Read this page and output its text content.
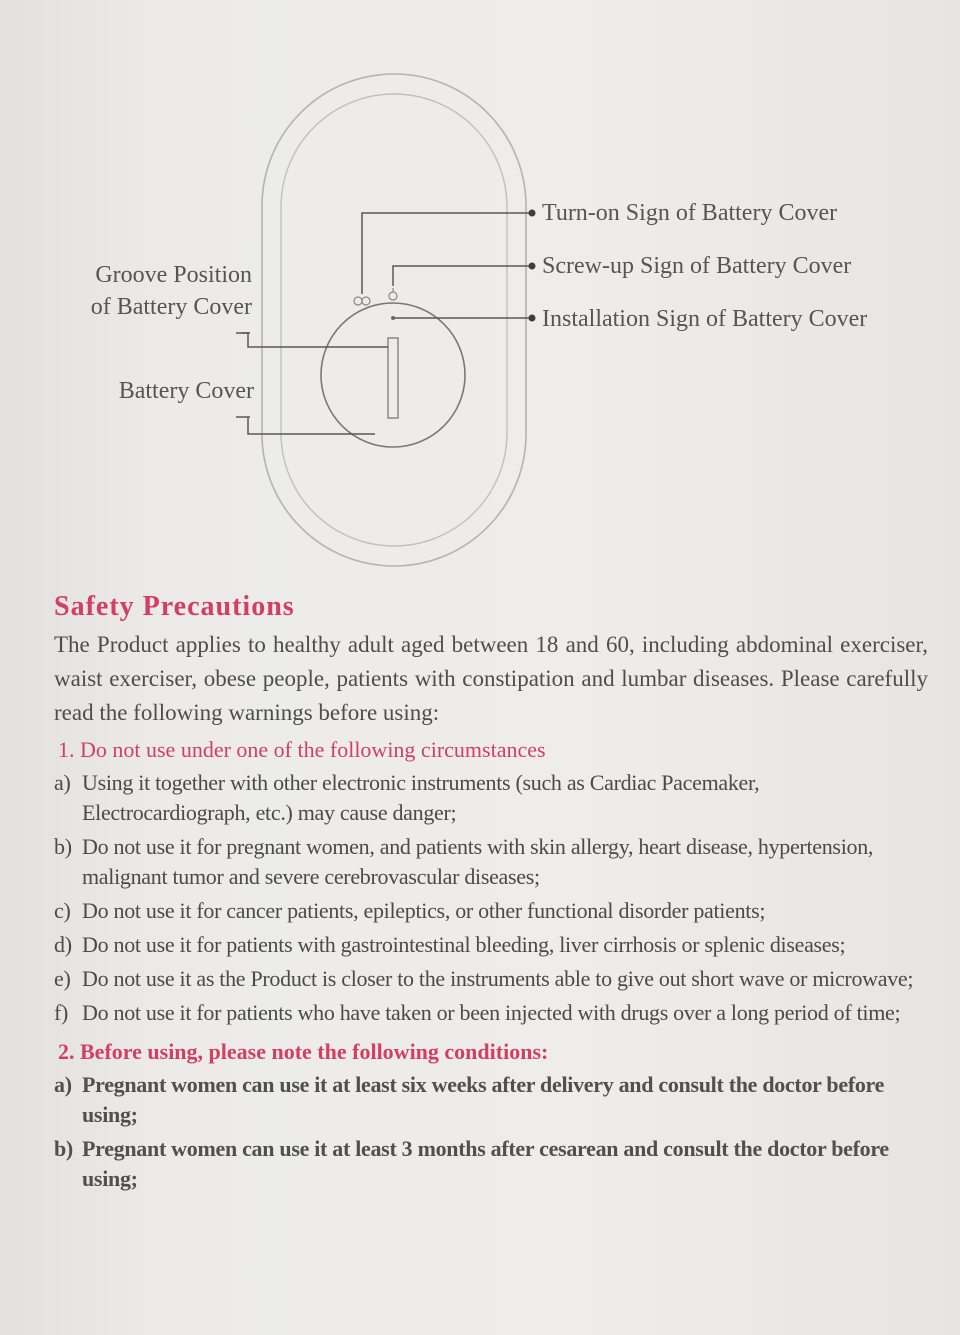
Groove Position
of Battery Cover
Battery Cover
Turn-on Sign of Battery Cover
Screw-up Sign of Battery Cover
Installation Sign of Battery Cover
Safety Precautions

The Product applies to healthy adult aged between 18 and 60, including abdominal exerciser, waist exerciser, obese people, patients with constipation and lumbar diseases. Please carefully read the following warnings before using:

1. Do not use under one of the following circumstances

a) Using it together with other electronic instruments (such as Cardiac Pacemaker, Electrocardiograph, etc.) may cause danger;

b) Do not use it for pregnant women, and patients with skin allergy, heart disease, hypertension, malignant tumor and severe cerebrovascular diseases;

c) Do not use it for cancer patients, epileptics, or other functional disorder patients;

d) Do not use it for patients with gastrointestinal bleeding, liver cirrhosis or splenic diseases;

e) Do not use it as the Product is closer to the instruments able to give out short wave or microwave;

f) Do not use it for patients who have taken or been injected with drugs over a long period of time;

2. Before using, please note the following conditions:

a) Pregnant women can use it at least six weeks after delivery and consult the doctor before using;

b) Pregnant women can use it at least 3 months after cesarean and consult the doctor before using;
